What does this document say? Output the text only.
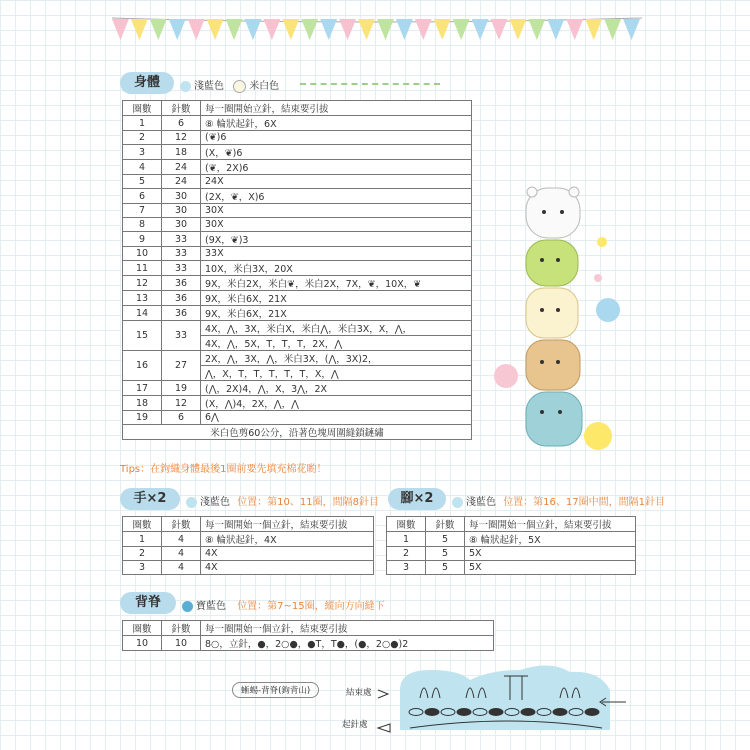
身體	淺藍色	米白色
圈數	針數	每一圈開始立針，結束要引拔
1	6	⑧ 輪狀起針，6X
2	12	(❦)6
3	18	(X，❦)6
4	24	(❦，2X)6
5	24	24X
6	30	(2X，❦，X)6
7	30	30X
8	30	30X
9	33	(9X，❦)3
10	33	33X
11	33	10X，米白3X，20X
12	36	9X，米白2X，米白❦，米白2X，7X，❦，10X，❦
13	36	9X，米白6X，21X
14	36	9X，米白6X，21X
15	33	4X，⋀，3X，米白X，米白⋀，米白3X，X，⋀，
		4X，⋀，5X，T，T，T，2X，⋀
16	27	2X，⋀，3X，⋀，米白3X，(⋀，3X)2，
		⋀，X，T，T，T，T，T，X，⋀
17	19	(⋀，2X)4，⋀，X，3⋀，2X
18	12	(X，⋀)4，2X，⋀，⋀
19	6	6⋀
米白色剪60公分，沿著色塊周圍縫鎖鏈繡		
Tips：在鉤織身體最後1圈前要先填充棉花喲！
手×2	淺藍色 位置：第10、11圈，間隔8針目
圈數	針數	每一圈開始一個立針，結束要引拔
1	4	⑧ 輪狀起針，4X
2	4	4X
3	4	4X
腳×2	淺藍色 位置：第16、17圈中間，間隔1針目
圈數	針數	每一圈開始一個立針，結束要引拔
1	5	⑧ 輪狀起針，5X
2	5	5X
3	5	5X
背脊	寶藍色 位置：第7~15圈，縱向方向縫下
圈數	針數	每一圈開始一個立針，結束要引拔
10	10	8○，立針，●，2○●，●T，T●，(●，2○●)2
蜥蜴-背脊(鉤背山)	結束處
起針處
